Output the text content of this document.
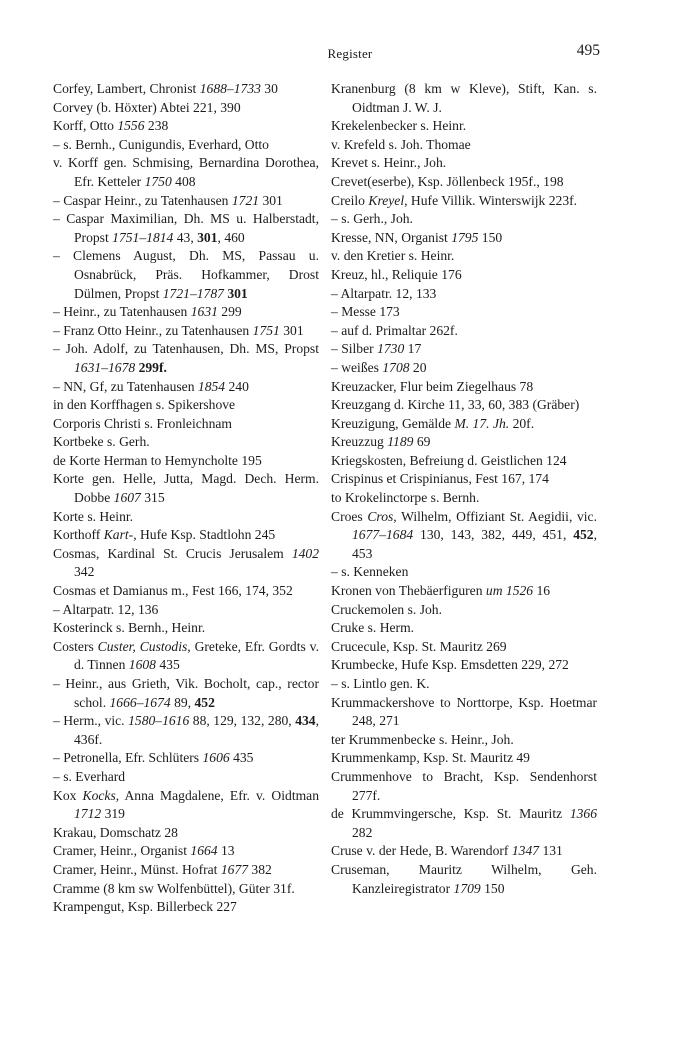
Register	495
Corfey, Lambert, Chronist 1688–1733 30
Corvey (b. Höxter) Abtei 221, 390
Korff, Otto 1556 238
– s. Bernh., Cunigundis, Everhard, Otto
v. Korff gen. Schmising, Bernardina Dorothea, Efr. Ketteler 1750 408
– Caspar Heinr., zu Tatenhausen 1721 301
– Caspar Maximilian, Dh. MS u. Halberstadt, Propst 1751–1814 43, 301, 460
– Clemens August, Dh. MS, Passau u. Osnabrück, Präs. Hofkammer, Drost Dülmen, Propst 1721–1787 301
– Heinr., zu Tatenhausen 1631 299
– Franz Otto Heinr., zu Tatenhausen 1751 301
– Joh. Adolf, zu Tatenhausen, Dh. MS, Propst 1631–1678 299f.
– NN, Gf, zu Tatenhausen 1854 240
in den Korffhagen s. Spikershove
Corporis Christi s. Fronleichnam
Kortbeke s. Gerh.
de Korte Herman to Hemyncholte 195
Korte gen. Helle, Jutta, Magd. Dech. Herm. Dobbe 1607 315
Korte s. Heinr.
Korthoff Kart-, Hufe Ksp. Stadtlohn 245
Cosmas, Kardinal St. Crucis Jerusalem 1402 342
Cosmas et Damianus m., Fest 166, 174, 352
– Altarpatr. 12, 136
Kosterinck s. Bernh., Heinr.
Costers Custer, Custodis, Greteke, Efr. Gordts v. d. Tinnen 1608 435
– Heinr., aus Grieth, Vik. Bocholt, cap., rector schol. 1666–1674 89, 452
– Herm., vic. 1580–1616 88, 129, 132, 280, 434, 436f.
– Petronella, Efr. Schlüters 1606 435
– s. Everhard
Kox Kocks, Anna Magdalene, Efr. v. Oidtman 1712 319
Krakau, Domschatz 28
Cramer, Heinr., Organist 1664 13
Cramer, Heinr., Münst. Hofrat 1677 382
Cramme (8 km sw Wolfenbüttel), Güter 31f.
Krampengut, Ksp. Billerbeck 227
Kranenburg (8 km w Kleve), Stift, Kan. s. Oidtman J. W. J.
Krekelenbecker s. Heinr.
v. Krefeld s. Joh. Thomae
Krevet s. Heinr., Joh.
Crevet(eserbe), Ksp. Jöllenbeck 195f., 198
Creilo Kreyel, Hufe Villik. Winterswijk 223f.
– s. Gerh., Joh.
Kresse, NN, Organist 1795 150
v. den Kretier s. Heinr.
Kreuz, hl., Reliquie 176
– Altarpatr. 12, 133
– Messe 173
– auf d. Primaltar 262f.
– Silber 1730 17
– weißes 1708 20
Kreuzacker, Flur beim Ziegelhaus 78
Kreuzgang d. Kirche 11, 33, 60, 383 (Gräber)
Kreuzigung, Gemälde M. 17. Jh. 20f.
Kreuzzug 1189 69
Kriegskosten, Befreiung d. Geistlichen 124
Crispinus et Crispinianus, Fest 167, 174
to Krokelinctorpe s. Bernh.
Croes Cros, Wilhelm, Offiziant St. Aegidii, vic. 1677–1684 130, 143, 382, 449, 451, 452, 453
– s. Kenneken
Kronen von Thebäerfiguren um 1526 16
Cruckemolen s. Joh.
Cruke s. Herm.
Crucecule, Ksp. St. Mauritz 269
Krumbecke, Hufe Ksp. Emsdetten 229, 272
– s. Lintlo gen. K.
Krummackershove to Norttorpe, Ksp. Hoetmar 248, 271
ter Krummenbecke s. Heinr., Joh.
Krummenkamp, Ksp. St. Mauritz 49
Crummenhove to Bracht, Ksp. Sendenhorst 277f.
de Krummvingersche, Ksp. St. Mauritz 1366 282
Cruse v. der Hede, B. Warendorf 1347 131
Cruseman, Mauritz Wilhelm, Geh. Kanzleiregistrator 1709 150
